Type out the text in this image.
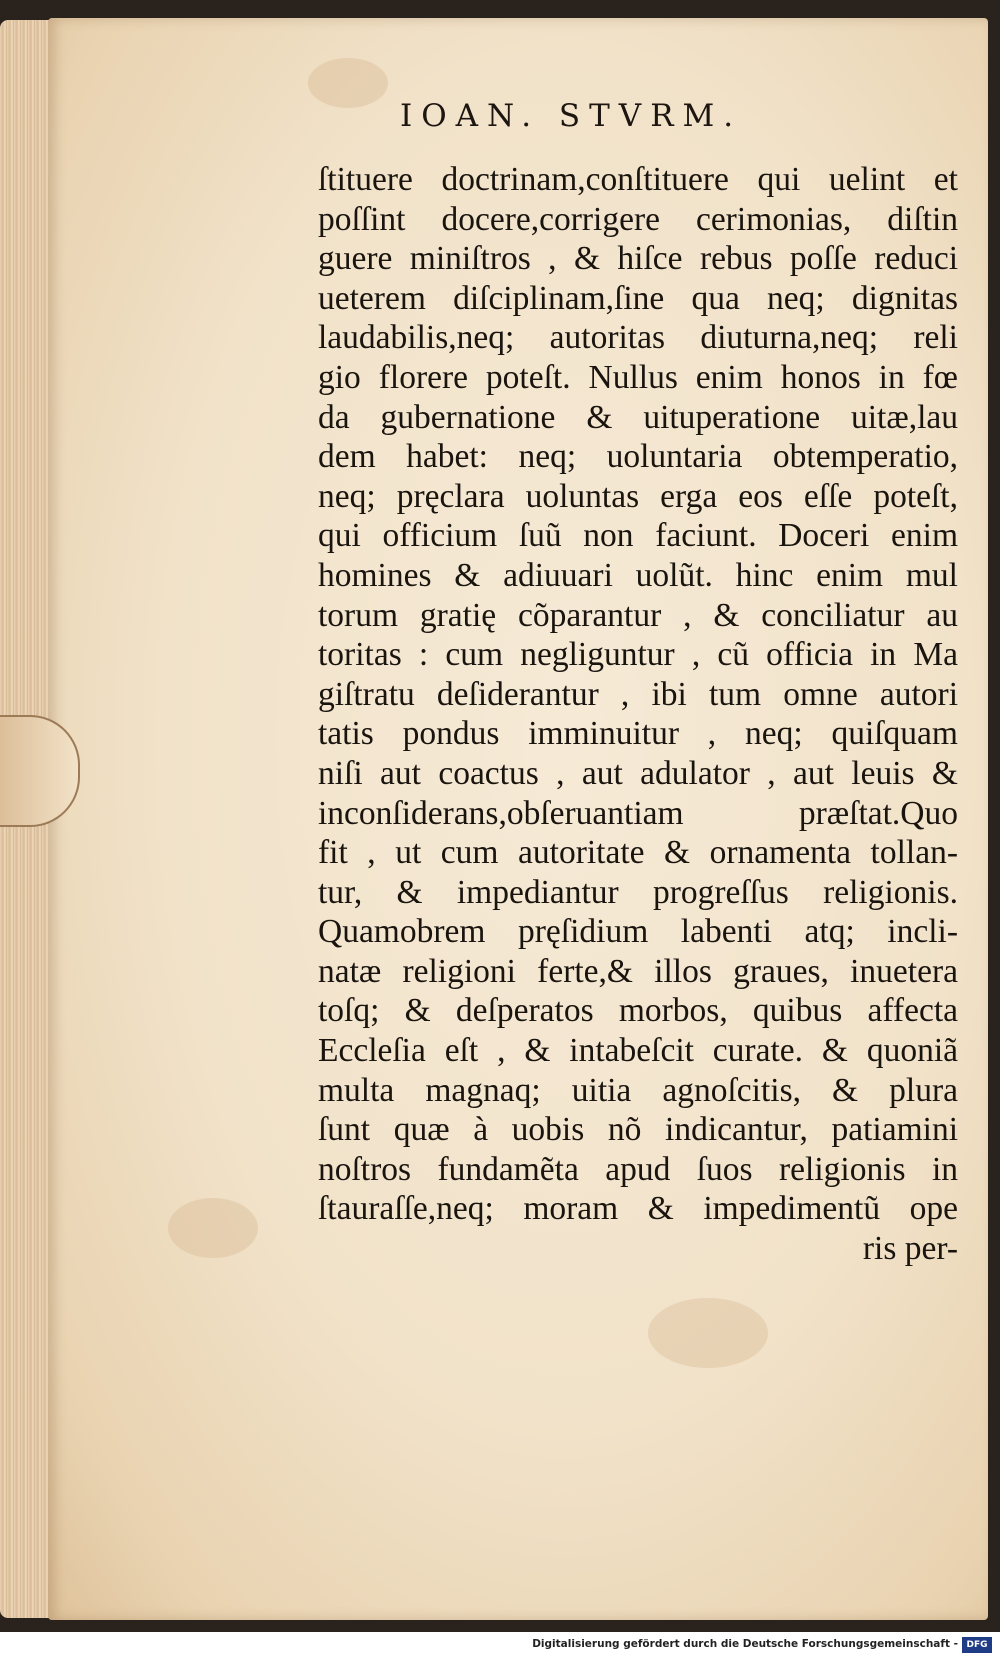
IOAN. STVRM.
ſtituere doctrinam,conſtituere qui uelint et
poſſint docere,corrigere cerimonias, diſtin
guere miniſtros , & hiſce rebus poſſe reduci
ueterem diſciplinam,ſine qua neq; dignitas
laudabilis,neq; autoritas diuturna,neq; reli
gio florere poteſt. Nullus enim honos in fœ
da gubernatione & uituperatione uitæ,lau
dem habet: neq; uoluntaria obtemperatio,
neq; pręclara uoluntas erga eos eſſe poteſt,
qui officium ſuũ non faciunt. Doceri enim
homines & adiuuari uolũt. hinc enim mul
torum gratię cõparantur , & conciliatur au
toritas : cum negliguntur , cũ officia in Ma
giſtratu deſiderantur , ibi tum omne autori
tatis pondus imminuitur , neq; quiſquam
niſi aut coactus , aut adulator , aut leuis &
inconſiderans,obſeruantiam præſtat.Quo
fit , ut cum autoritate & ornamenta tollan-
tur, & impediantur progreſſus religionis.
Quamobrem pręſidium labenti atq; incli-
natæ religioni ferte,& illos graues, inuetera
toſq; & deſperatos morbos, quibus affecta
Eccleſia eſt , & intabeſcit curate. & quoniã
multa magnaq; uitia agnoſcitis, & plura
ſunt quæ à uobis nõ indicantur, patiamini
noſtros fundamẽta apud ſuos religionis in
ſtauraſſe,neq; moram & impedimentũ ope
ris per-
Digitalisierung gefördert durch die Deutsche Forschungsgemeinschaft - DFG
